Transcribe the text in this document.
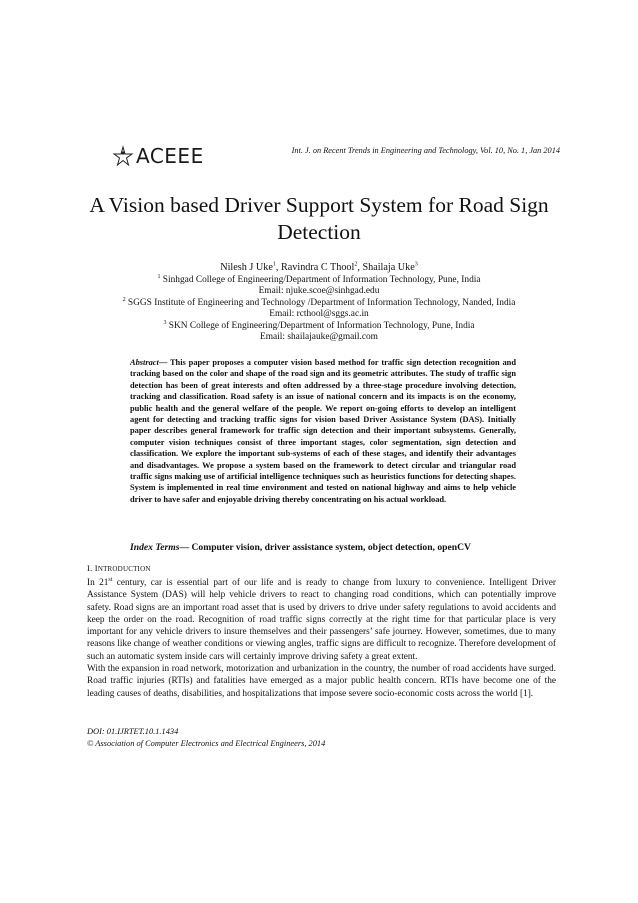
ACEEE	Int. J. on Recent Trends in Engineering and Technology, Vol. 10, No. 1, Jan 2014
A Vision based Driver Support System for Road Sign
Detection
Nilesh J Uke$^1$, Ravindra C Thool$^2$, Shailaja Uke$^3$
$^1$ Sinhgad College of Engineering/Department of Information Technology, Pune, India
Email: njuke.scoe@sinhgad.edu
$^2$ SGGS Institute of Engineering and Technology /Department of Information Technology, Nanded, India
Email: rcthool@sggs.ac.in
$^3$ SKN College of Engineering/Department of Information Technology, Pune, India
Email: shailajauke@gmail.com
Abstract— This paper proposes a computer vision based method for traffic sign detection recognition and tracking based on the color and shape of the road sign and its geometric attributes. The study of traffic sign detection has been of great interests and often addressed by a three-stage procedure involving detection, tracking and classification. Road safety is an issue of national concern and its impacts is on the economy, public health and the general welfare of the people. We report on-going efforts to develop an intelligent agent for detecting and tracking traffic signs for vision based Driver Assistance System (DAS). Initially paper describes general framework for traffic sign detection and their important subsystems. Generally, computer vision techniques consist of three important stages, color segmentation, sign detection and classification. We explore the important sub-systems of each of these stages, and identify their advantages and disadvantages. We propose a system based on the framework to detect circular and triangular road traffic signs making use of artificial intelligence techniques such as heuristics functions for detecting shapes. System is implemented in real time environment and tested on national highway and aims to help vehicle driver to have safer and enjoyable driving thereby concentrating on his actual workload.
Index Terms— Computer vision, driver assistance system, object detection, openCV
I. INTRODUCTION

In 21st century, car is essential part of our life and is ready to change from luxury to convenience. Intelligent Driver Assistance System (DAS) will help vehicle drivers to react to changing road conditions, which can potentially improve safety. Road signs are an important road asset that is used by drivers to drive under safety regulations to avoid accidents and keep the order on the road. Recognition of road traffic signs correctly at the right time for that particular place is very important for any vehicle drivers to insure themselves and their passengers’ safe journey. However, sometimes, due to many reasons like change of weather conditions or viewing angles, traffic signs are difficult to recognize. Therefore development of such an automatic system inside cars will certainly improve driving safety a great extent.

With the expansion in road network, motorization and urbanization in the country, the number of road accidents have surged. Road traffic injuries (RTIs) and fatalities have emerged as a major public health concern. RTIs have become one of the leading causes of deaths, disabilities, and hospitalizations that impose severe socio-economic costs across the world [1].

DOI: 01.IJRTET.10.1.1434
© Association of Computer Electronics and Electrical Engineers, 2014
